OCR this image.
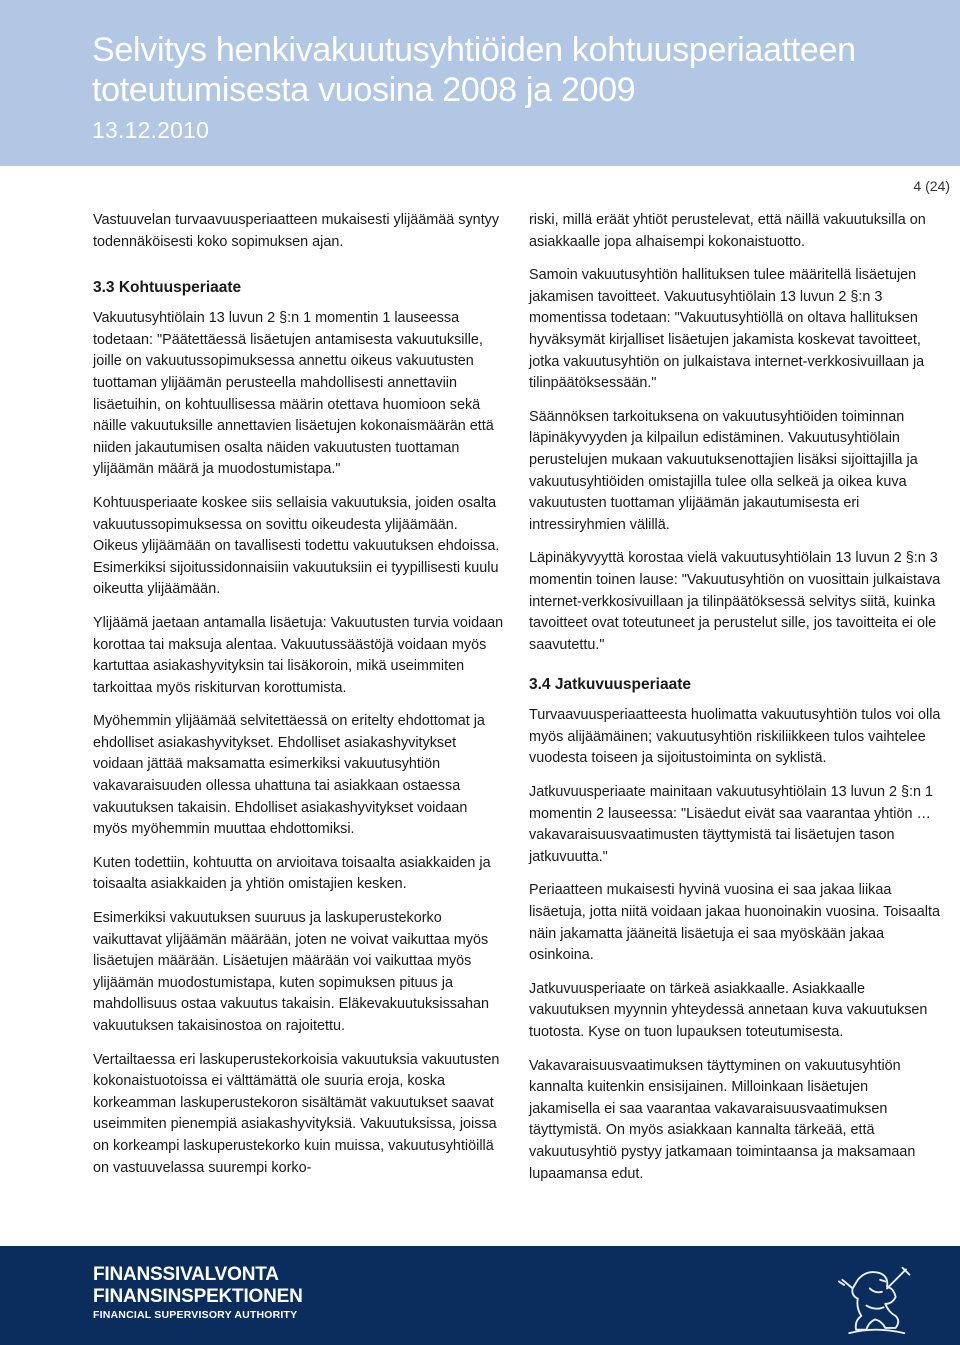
Selvitys henkivakuutusyhtiöiden kohtuusperiaatteen toteutumisesta vuosina 2008 ja 2009
13.12.2010
4 (24)

Vastuuvelan turvaavuusperiaatteen mukaisesti ylijäämää syntyy todennäköisesti koko sopimuksen ajan.

3.3 Kohtuusperiaate

Vakuutusyhtiölain 13 luvun 2 §:n 1 momentin 1 lauseessa todetaan: "Päätettäessä lisäetujen antamisesta vakuutuksille, joille on vakuutussopimuksessa annettu oikeus vakuutusten tuottaman ylijäämän perusteella mahdollisesti annettaviin lisäetuihin, on kohtuullisessa määrin otettava huomioon sekä näille vakuutuksille annettavien lisäetujen kokonaismäärän että niiden jakautumisen osalta näiden vakuutusten tuottaman ylijäämän määrä ja muodostumistapa."

Kohtuusperiaate koskee siis sellaisia vakuutuksia, joiden osalta vakuutussopimuksessa on sovittu oikeudesta ylijäämään. Oikeus ylijäämään on tavallisesti todettu vakuutuksen ehdoissa. Esimerkiksi sijoitussidonnaisiin vakuutuksiin ei tyypillisesti kuulu oikeutta ylijäämään.

Ylijäämä jaetaan antamalla lisäetuja: Vakuutusten turvia voidaan korottaa tai maksuja alentaa. Vakuutussäästöjä voidaan myös kartuttaa asiakashyvityksin tai lisäkoroin, mikä useimmiten tarkoittaa myös riskiturvan korottumista.

Myöhemmin ylijäämää selvitettäessä on eritelty ehdottomat ja ehdolliset asiakashyvitykset. Ehdolliset asiakashyvitykset voidaan jättää maksamatta esimerkiksi vakuutusyhtiön vakavaraisuuden ollessa uhattuna tai asiakkaan ostaessa vakuutuksen takaisin. Ehdolliset asiakashyvitykset voidaan myös myöhemmin muuttaa ehdottomiksi.

Kuten todettiin, kohtuutta on arvioitava toisaalta asiakkaiden ja toisaalta asiakkaiden ja yhtiön omistajien kesken.

Esimerkiksi vakuutuksen suuruus ja laskuperustekorko vaikuttavat ylijäämän määrään, joten ne voivat vaikuttaa myös lisäetujen määrään. Lisäetujen määrään voi vaikuttaa myös ylijäämän muodostumistapa, kuten sopimuksen pituus ja mahdollisuus ostaa vakuutus takaisin. Eläkevakuutuksissahan vakuutuksen takaisinostoa on rajoitettu.

Vertailtaessa eri laskuperustekorkoisia vakuutuksia vakuutusten kokonaistuotoissa ei välttämättä ole suuria eroja, koska korkeamman laskuperustekoron sisältämät vakuutukset saavat useimmiten pienempiä asiakashyvityksiä. Vakuutuksissa, joissa on korkeampi laskuperustekorko kuin muissa, vakuutusyhtiöillä on vastuuvelassa suurempi korko-

riski, millä eräät yhtiöt perustelevat, että näillä vakuutuksilla on asiakkaalle jopa alhaisempi kokonaistuotto.

Samoin vakuutusyhtiön hallituksen tulee määritellä lisäetujen jakamisen tavoitteet. Vakuutusyhtiölain 13 luvun 2 §:n 3 momentissa todetaan: "Vakuutusyhtiöllä on oltava hallituksen hyväksymät kirjalliset lisäetujen jakamista koskevat tavoitteet, jotka vakuutusyhtiön on julkaistava internet-verkkosivuillaan ja tilinpäätöksessään."

Säännöksen tarkoituksena on vakuutusyhtiöiden toiminnan läpinäkyvyyden ja kilpailun edistäminen. Vakuutusyhtiölain perustelujen mukaan vakuutuksenottajien lisäksi sijoittajilla ja vakuutusyhtiöiden omistajilla tulee olla selkeä ja oikea kuva vakuutusten tuottaman ylijäämän jakautumisesta eri intressiryhmien välillä.

Läpinäkyvyyttä korostaa vielä vakuutusyhtiölain 13 luvun 2 §:n 3 momentin toinen lause: "Vakuutusyhtiön on vuosittain julkaistava internet-verkkosivuillaan ja tilinpäätöksessä selvitys siitä, kuinka tavoitteet ovat toteutuneet ja perustelut sille, jos tavoitteita ei ole saavutettu."

3.4 Jatkuvuusperiaate

Turvaavuusperiaatteesta huolimatta vakuutusyhtiön tulos voi olla myös alijäämäinen; vakuutusyhtiön riskiliikkeen tulos vaihtelee vuodesta toiseen ja sijoitustoiminta on syklistä.

Jatkuvuusperiaate mainitaan vakuutusyhtiölain 13 luvun 2 §:n 1 momentin 2 lauseessa: "Lisäedut eivät saa vaarantaa yhtiön … vakavaraisuusvaatimusten täyttymistä tai lisäetujen tason jatkuvuutta."

Periaatteen mukaisesti hyvinä vuosina ei saa jakaa liikaa lisäetuja, jotta niitä voidaan jakaa huonoinakin vuosina. Toisaalta näin jakamatta jääneitä lisäetuja ei saa myöskään jakaa osinkoina.

Jatkuvuusperiaate on tärkeä asiakkaalle. Asiakkaalle vakuutuksen myynnin yhteydessä annetaan kuva vakuutuksen tuotosta. Kyse on tuon lupauksen toteutumisesta.

Vakavaraisuusvaatimuksen täyttyminen on vakuutusyhtiön kannalta kuitenkin ensisijainen. Milloinkaan lisäetujen jakamisella ei saa vaarantaa vakavaraisuusvaatimuksen täyttymistä. On myös asiakkaan kannalta tärkeää, että vakuutusyhtiö pystyy jatkamaan toimintaansa ja maksamaan lupaamansa edut.

FINANSSIVALVONTA
FINANSINSPEKTIONEN
FINANCIAL SUPERVISORY AUTHORITY
